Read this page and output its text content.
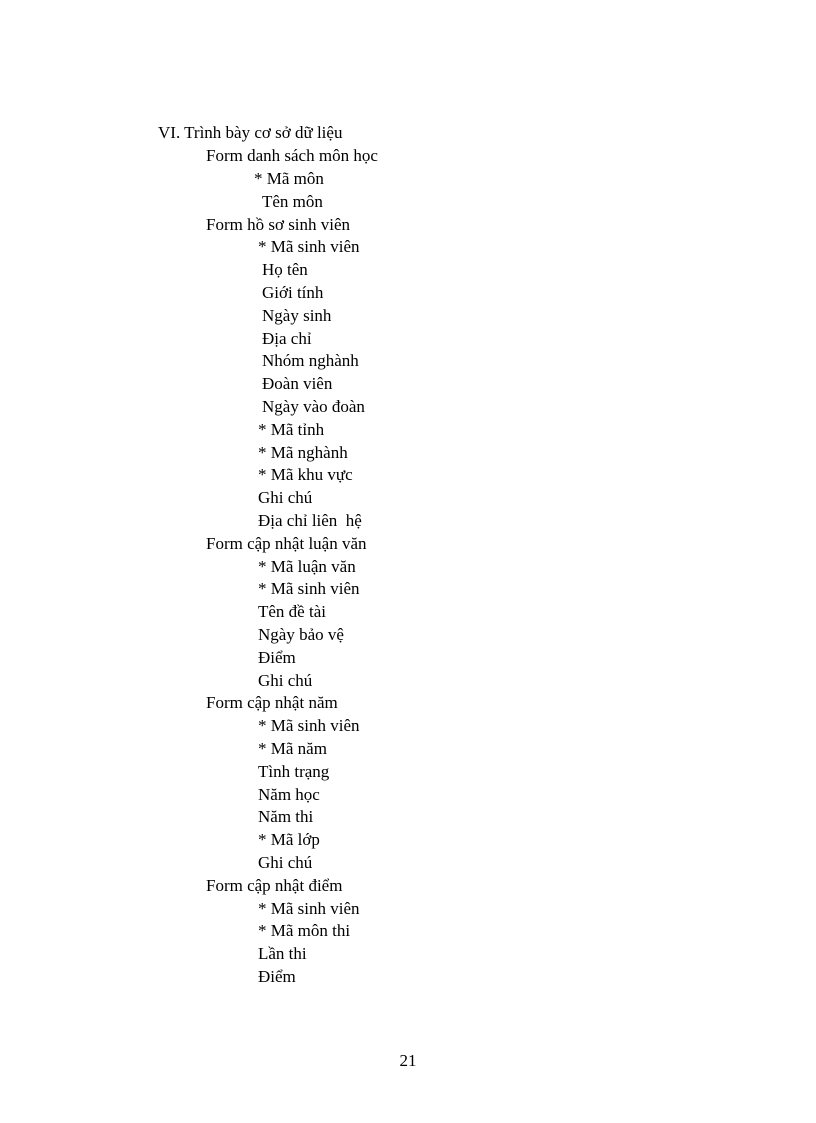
VI. Trình bày cơ sở dữ liệu
Form danh sách môn học
* Mã môn
Tên môn
Form hồ sơ sinh viên
* Mã sinh viên
Họ tên
Giới tính
Ngày sinh
Địa chỉ
Nhóm nghành
Đoàn viên
Ngày vào đoàn
* Mã tỉnh
* Mã nghành
* Mã khu vực
Ghi chú
Địa chỉ liên  hệ
Form cập nhật luận văn
* Mã luận văn
* Mã sinh viên
Tên đề tài
Ngày bảo vệ
Điểm
Ghi chú
Form cập nhật năm
* Mã sinh viên
* Mã năm
Tình trạng
Năm học
Năm thi
* Mã lớp
Ghi chú
Form cập nhật điểm
* Mã sinh viên
* Mã môn thi
Lần thi
Điểm
21
